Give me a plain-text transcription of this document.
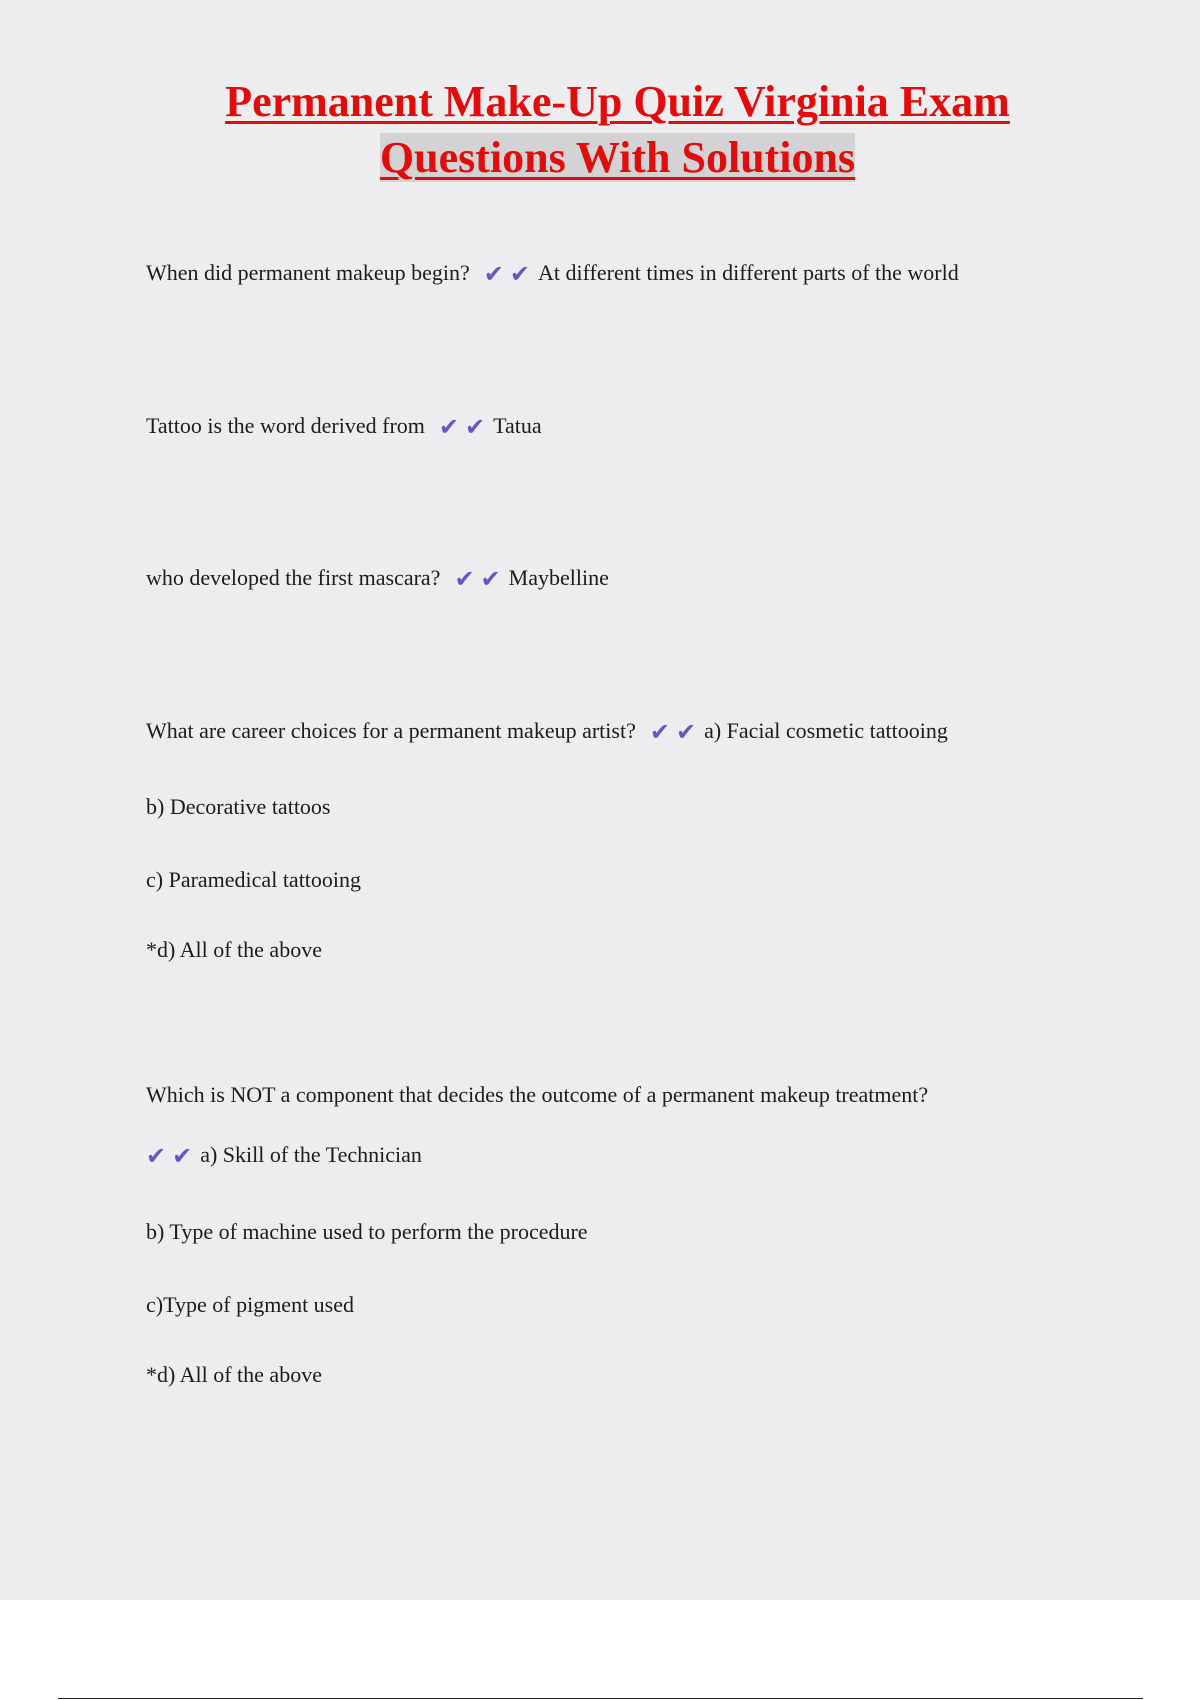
Permanent Make-Up Quiz Virginia Exam
Questions With Solutions
When did permanent makeup begin? ✔✔At different times in different parts of the world
Tattoo is the word derived from ✔✔Tatua
who developed the first mascara? ✔✔Maybelline
What are career choices for a permanent makeup artist? ✔✔a) Facial cosmetic tattooing
b) Decorative tattoos
c) Paramedical tattooing
*d) All of the above
Which is NOT a component that decides the outcome of a permanent makeup treatment?
✔✔a) Skill of the Technician
b) Type of machine used to perform the procedure
c)Type of pigment used
*d) All of the above
